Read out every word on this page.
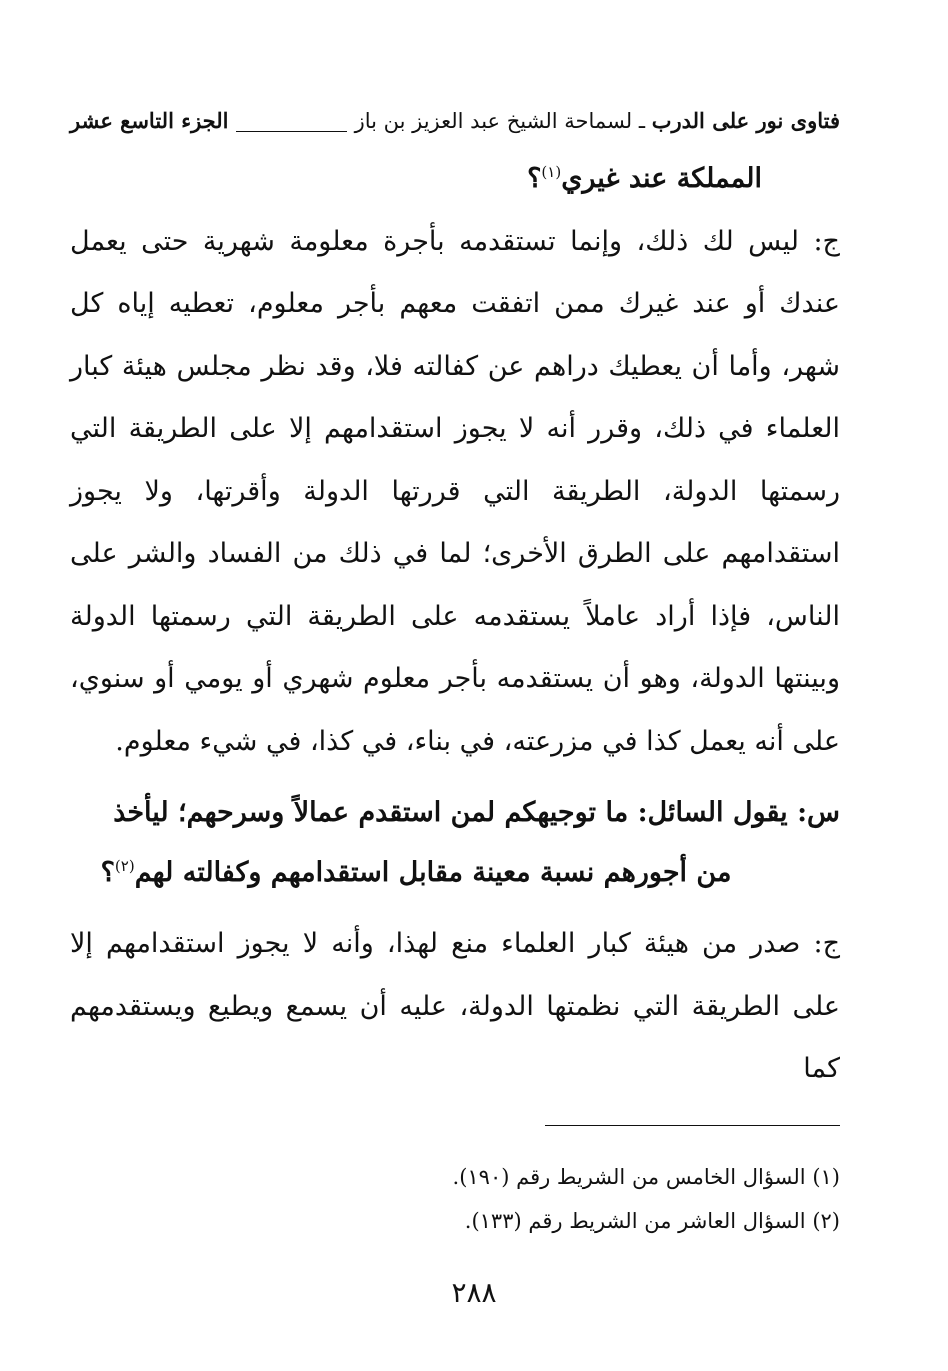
فتاوى نور على الدرب ـ لسماحة الشيخ عبد العزيز بن باز
الجزء التاسع عشر

المملكة عند غيري$^{(١)}$؟

ج: ليس لك ذلك، وإنما تستقدمه بأجرة معلومة شهرية حتى يعمل عندك أو عند غيرك ممن اتفقت معهم بأجر معلوم، تعطيه إياه كل شهر، وأما أن يعطيك دراهم عن كفالته فلا، وقد نظر مجلس هيئة كبار العلماء في ذلك، وقرر أنه لا يجوز استقدامهم إلا على الطريقة التي رسمتها الدولة، الطريقة التي قررتها الدولة وأقرتها، ولا يجوز استقدامهم على الطرق الأخرى؛ لما في ذلك من الفساد والشر على الناس، فإذا أراد عاملاً يستقدمه على الطريقة التي رسمتها الدولة وبينتها الدولة، وهو أن يستقدمه بأجر معلوم شهري أو يومي أو سنوي، على أنه يعمل كذا في مزرعته، في بناء، في كذا، في شيء معلوم.

س: يقول السائل: ما توجيهكم لمن استقدم عمالاً وسرحهم؛ ليأخذ

من أجورهم نسبة معينة مقابل استقدامهم وكفالته لهم$^{(٢)}$؟

ج: صدر من هيئة كبار العلماء منع لهذا، وأنه لا يجوز استقدامهم إلا على الطريقة التي نظمتها الدولة، عليه أن يسمع ويطيع ويستقدمهم كما

(١) السؤال الخامس من الشريط رقم (١٩٠).

(٢) السؤال العاشر من الشريط رقم (١٣٣).

٢٨٨
